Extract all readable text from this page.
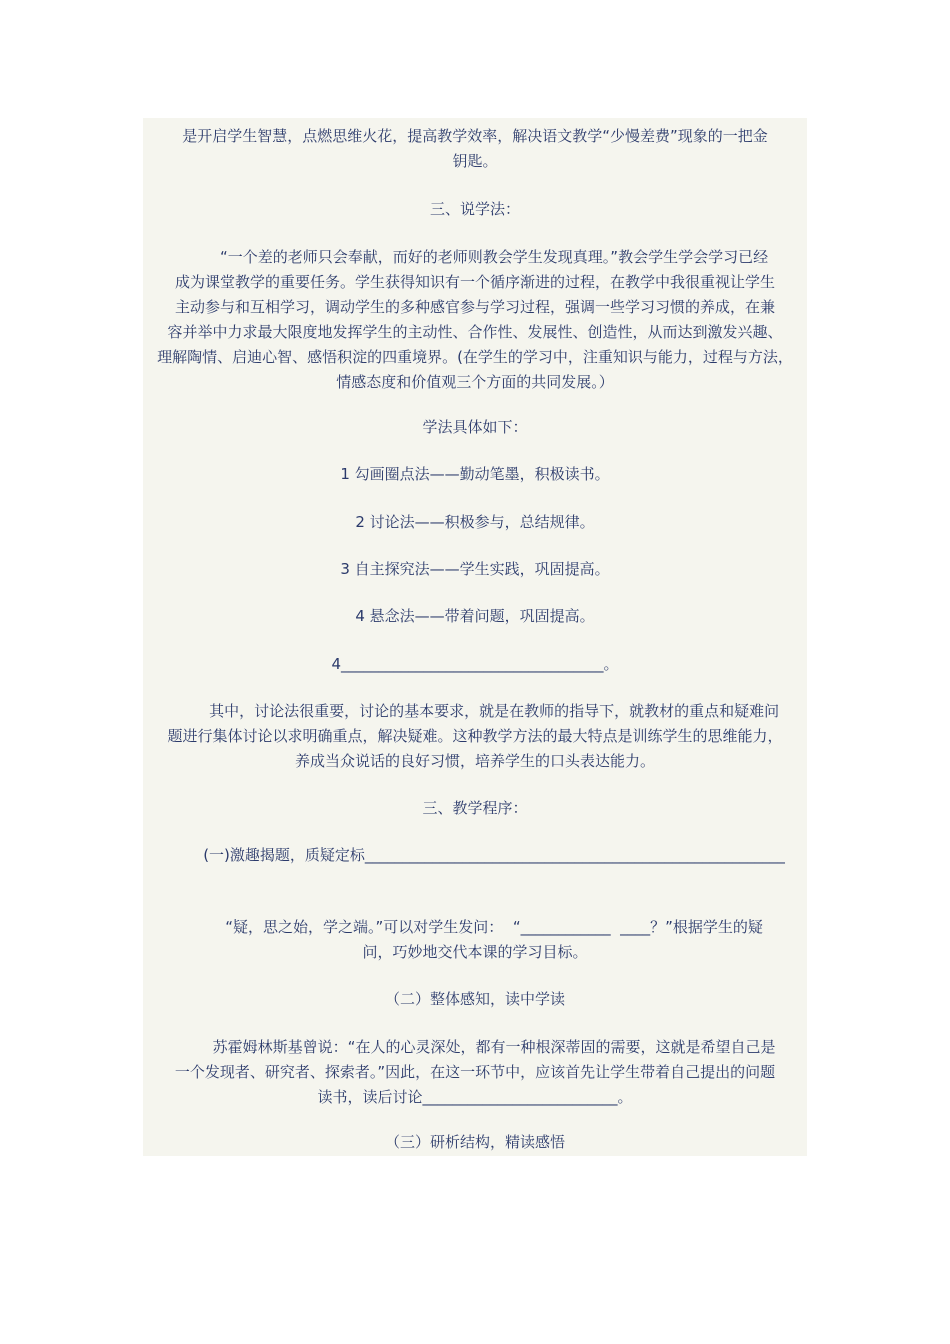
是开启学生智慧，点燃思维火花，提高教学效率，解决语文教学“少慢差费”现象的一把金
钥匙。

三、说学法：

“一个差的老师只会奉献，而好的老师则教会学生发现真理。”教会学生学会学习已经
成为课堂教学的重要任务。学生获得知识有一个循序渐进的过程，在教学中我很重视让学生
主动参与和互相学习，调动学生的多种感官参与学习过程，强调一些学习习惯的养成，在兼
容并举中力求最大限度地发挥学生的主动性、合作性、发展性、创造性，从而达到激发兴趣、
理解陶情、启迪心智、感悟积淀的四重境界。(在学生的学习中，注重知识与能力，过程与方法，
情感态度和价值观三个方面的共同发展。）

学法具体如下：

1 勾画圈点法——勤动笔墨，积极读书。

2 讨论法——积极参与，总结规律。

3 自主探究法——学生实践，巩固提高。

4 悬念法——带着问题，巩固提高。

4___________________________________。

其中，讨论法很重要，讨论的基本要求，就是在教师的指导下，就教材的重点和疑难问
题进行集体讨论以求明确重点，解决疑难。这种教学方法的最大特点是训练学生的思维能力，
养成当众说话的良好习惯，培养学生的口头表达能力。

三、教学程序：

(一)激趣揭题，质疑定标________________________________________________________

“疑，思之始，学之端。”可以对学生发问：  “____________  ____？”根据学生的疑
问，巧妙地交代本课的学习目标。

（二）整体感知，读中学读

苏霍姆林斯基曾说：“在人的心灵深处，都有一种根深蒂固的需要，这就是希望自己是
一个发现者、研究者、探索者。”因此，在这一环节中，应该首先让学生带着自己提出的问题
读书，读后讨论__________________________。

（三）研析结构，精读感悟
